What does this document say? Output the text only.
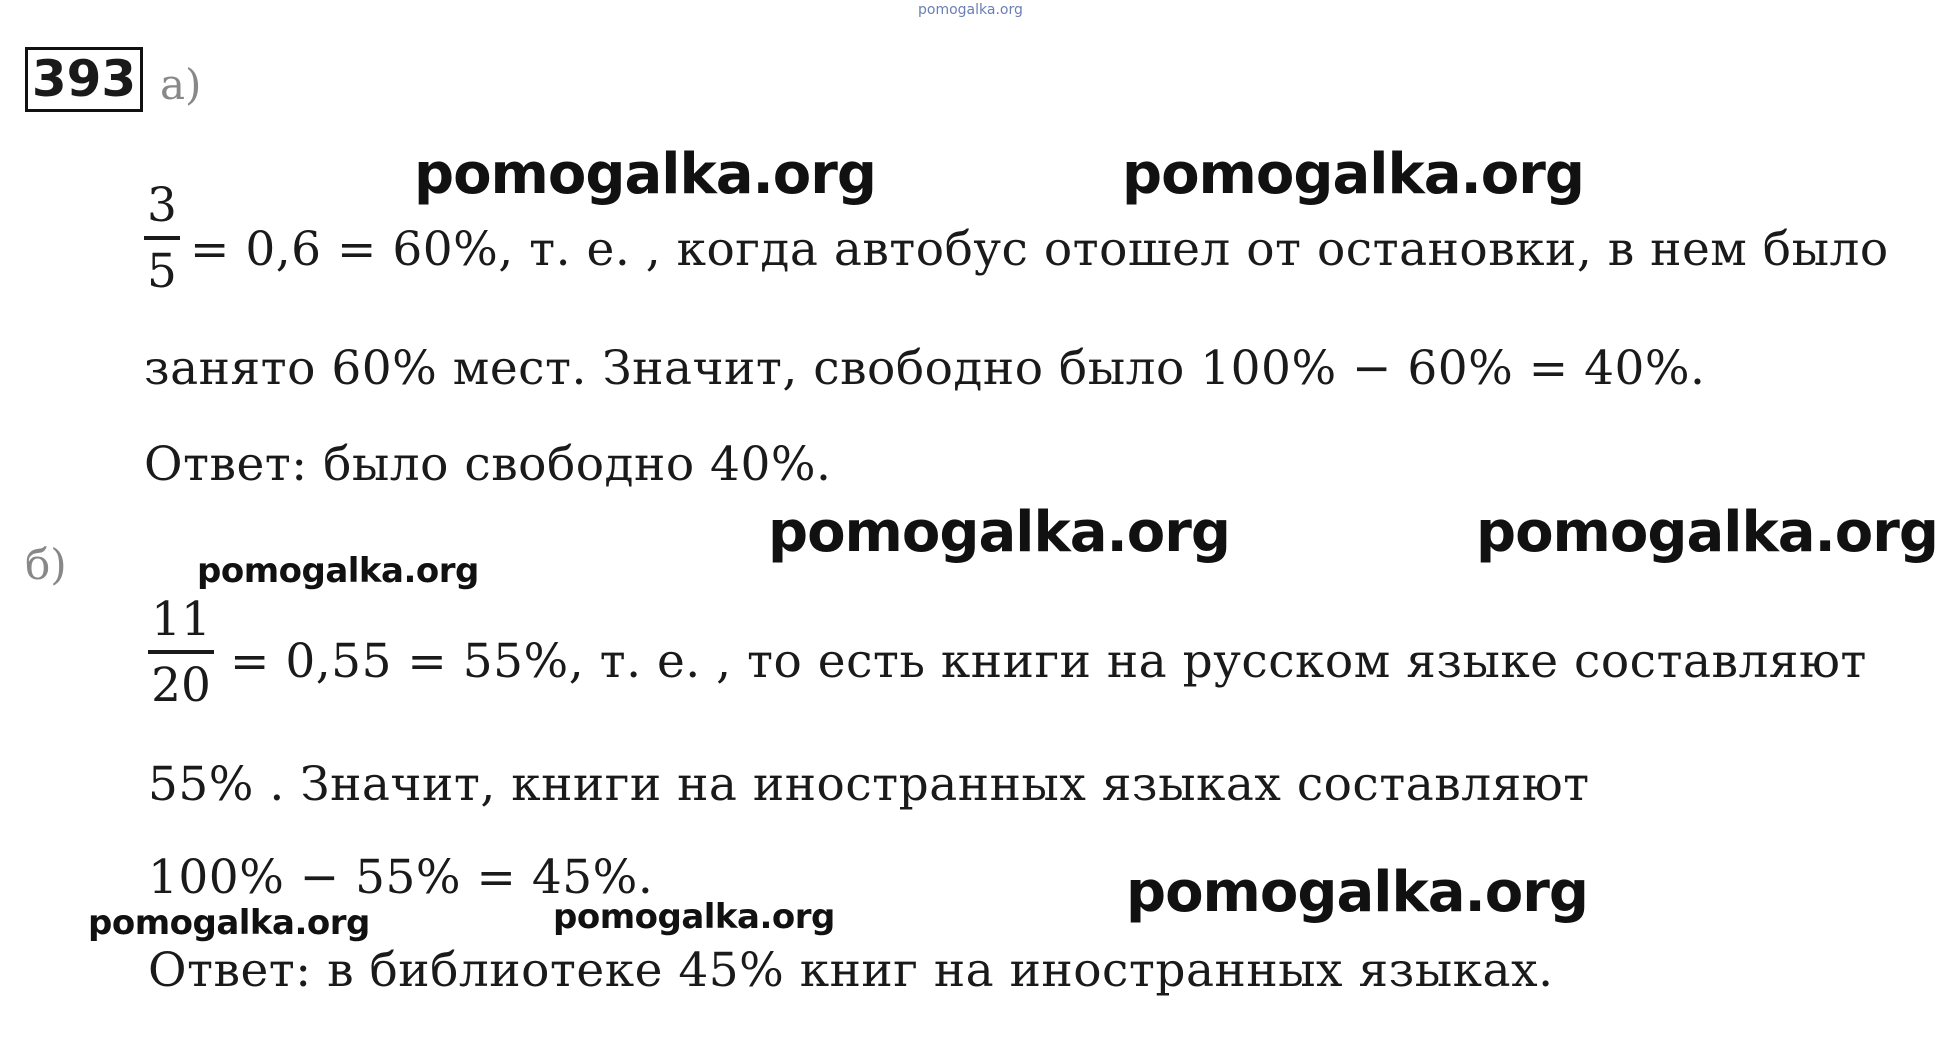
pomogalka.org
393 а)
pomogalka.org	pomogalka.org
3
5 = 0,6 = 60%, т. е. , когда автобус отошел от остановки, в нем было
занято 60% мест. Значит, свободно было 100% − 60% = 40%.
Ответ: было свободно 40%.
б)	pomogalka.org	pomogalka.org
pomogalka.org
11
20 = 0,55 = 55%, т. е. , то есть книги на русском языке составляют
55% . Значит, книги на иностранных языках составляют
100% − 55% = 45%.	pomogalka.org
pomogalka.org	pomogalka.org
Ответ: в библиотеке 45% книг на иностранных языках.
